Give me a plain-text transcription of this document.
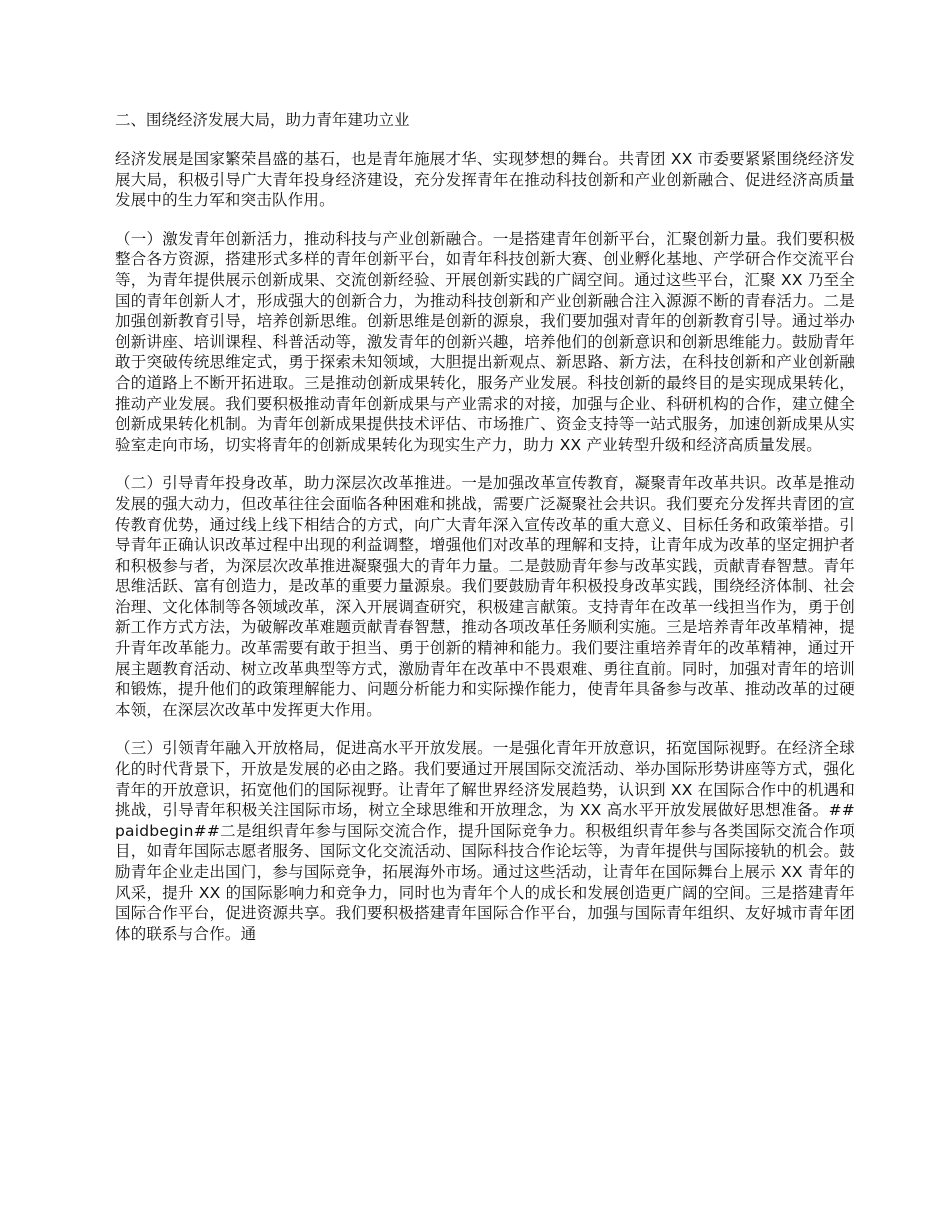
二、围绕经济发展大局，助力青年建功立业
经济发展是国家繁荣昌盛的基石，也是青年施展才华、实现梦想的舞台。共青团 XX 市委要紧紧围绕经济发展大局，积极引导广大青年投身经济建设，充分发挥青年在推动科技创新和产业创新融合、促进经济高质量发展中的生力军和突击队作用。
（一）激发青年创新活力，推动科技与产业创新融合。一是搭建青年创新平台，汇聚创新力量。我们要积极整合各方资源，搭建形式多样的青年创新平台，如青年科技创新大赛、创业孵化基地、产学研合作交流平台等，为青年提供展示创新成果、交流创新经验、开展创新实践的广阔空间。通过这些平台，汇聚 XX 乃至全国的青年创新人才，形成强大的创新合力，为推动科技创新和产业创新融合注入源源不断的青春活力。二是加强创新教育引导，培养创新思维。创新思维是创新的源泉，我们要加强对青年的创新教育引导。通过举办创新讲座、培训课程、科普活动等，激发青年的创新兴趣，培养他们的创新意识和创新思维能力。鼓励青年敢于突破传统思维定式，勇于探索未知领域，大胆提出新观点、新思路、新方法，在科技创新和产业创新融合的道路上不断开拓进取。三是推动创新成果转化，服务产业发展。科技创新的最终目的是实现成果转化，推动产业发展。我们要积极推动青年创新成果与产业需求的对接，加强与企业、科研机构的合作，建立健全创新成果转化机制。为青年创新成果提供技术评估、市场推广、资金支持等一站式服务，加速创新成果从实验室走向市场，切实将青年的创新成果转化为现实生产力，助力 XX 产业转型升级和经济高质量发展。
（二）引导青年投身改革，助力深层次改革推进。一是加强改革宣传教育，凝聚青年改革共识。改革是推动发展的强大动力，但改革往往会面临各种困难和挑战，需要广泛凝聚社会共识。我们要充分发挥共青团的宣传教育优势，通过线上线下相结合的方式，向广大青年深入宣传改革的重大意义、目标任务和政策举措。引导青年正确认识改革过程中出现的利益调整，增强他们对改革的理解和支持，让青年成为改革的坚定拥护者和积极参与者，为深层次改革推进凝聚强大的青年力量。二是鼓励青年参与改革实践，贡献青春智慧。青年思维活跃、富有创造力，是改革的重要力量源泉。我们要鼓励青年积极投身改革实践，围绕经济体制、社会治理、文化体制等各领域改革，深入开展调查研究，积极建言献策。支持青年在改革一线担当作为，勇于创新工作方式方法，为破解改革难题贡献青春智慧，推动各项改革任务顺利实施。三是培养青年改革精神，提升青年改革能力。改革需要有敢于担当、勇于创新的精神和能力。我们要注重培养青年的改革精神，通过开展主题教育活动、树立改革典型等方式，激励青年在改革中不畏艰难、勇往直前。同时，加强对青年的培训和锻炼，提升他们的政策理解能力、问题分析能力和实际操作能力，使青年具备参与改革、推动改革的过硬本领，在深层次改革中发挥更大作用。
（三）引领青年融入开放格局，促进高水平开放发展。一是强化青年开放意识，拓宽国际视野。在经济全球化的时代背景下，开放是发展的必由之路。我们要通过开展国际交流活动、举办国际形势讲座等方式，强化青年的开放意识，拓宽他们的国际视野。让青年了解世界经济发展趋势，认识到 XX 在国际合作中的机遇和挑战，引导青年积极关注国际市场，树立全球思维和开放理念，为 XX 高水平开放发展做好思想准备。##paidbegin##二是组织青年参与国际交流合作，提升国际竞争力。积极组织青年参与各类国际交流合作项目，如青年国际志愿者服务、国际文化交流活动、国际科技合作论坛等，为青年提供与国际接轨的机会。鼓励青年企业走出国门，参与国际竞争，拓展海外市场。通过这些活动，让青年在国际舞台上展示 XX 青年的风采，提升 XX 的国际影响力和竞争力，同时也为青年个人的成长和发展创造更广阔的空间。三是搭建青年国际合作平台，促进资源共享。我们要积极搭建青年国际合作平台，加强与国际青年组织、友好城市青年团体的联系与合作。通
